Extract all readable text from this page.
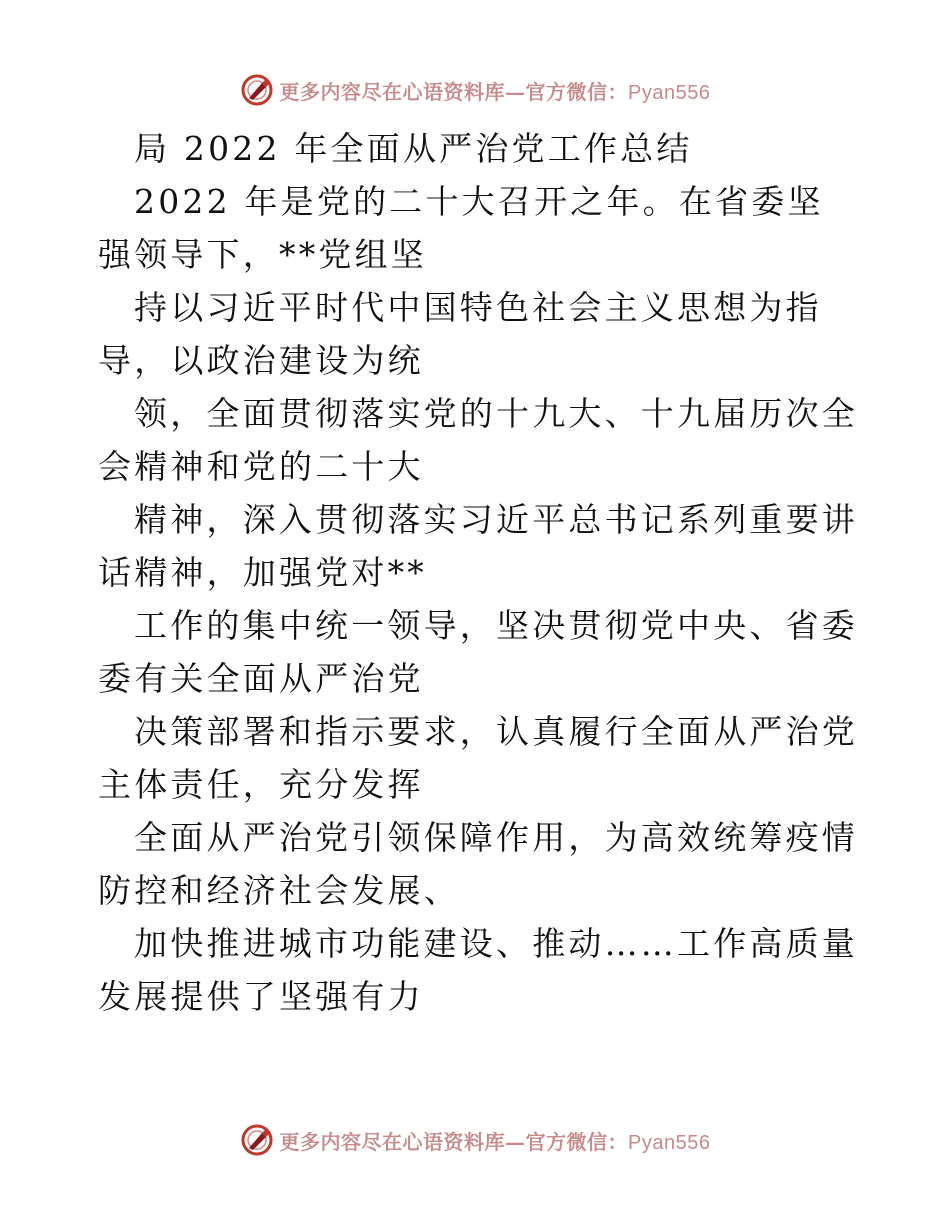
更多内容尽在心语资料库—官方微信：Pyan556

局 2022 年全面从严治党工作总结

2022 年是党的二十大召开之年。在省委坚强领导下，**党组坚

持以习近平时代中国特色社会主义思想为指导，以政治建设为统

领，全面贯彻落实党的十九大、十九届历次全会精神和党的二十大

精神，深入贯彻落实习近平总书记系列重要讲话精神，加强党对**

工作的集中统一领导，坚决贯彻党中央、省委委有关全面从严治党

决策部署和指示要求，认真履行全面从严治党主体责任，充分发挥

全面从严治党引领保障作用，为高效统筹疫情防控和经济社会发展、

加快推进城市功能建设、推动……工作高质量发展提供了坚强有力

更多内容尽在心语资料库—官方微信：Pyan556
